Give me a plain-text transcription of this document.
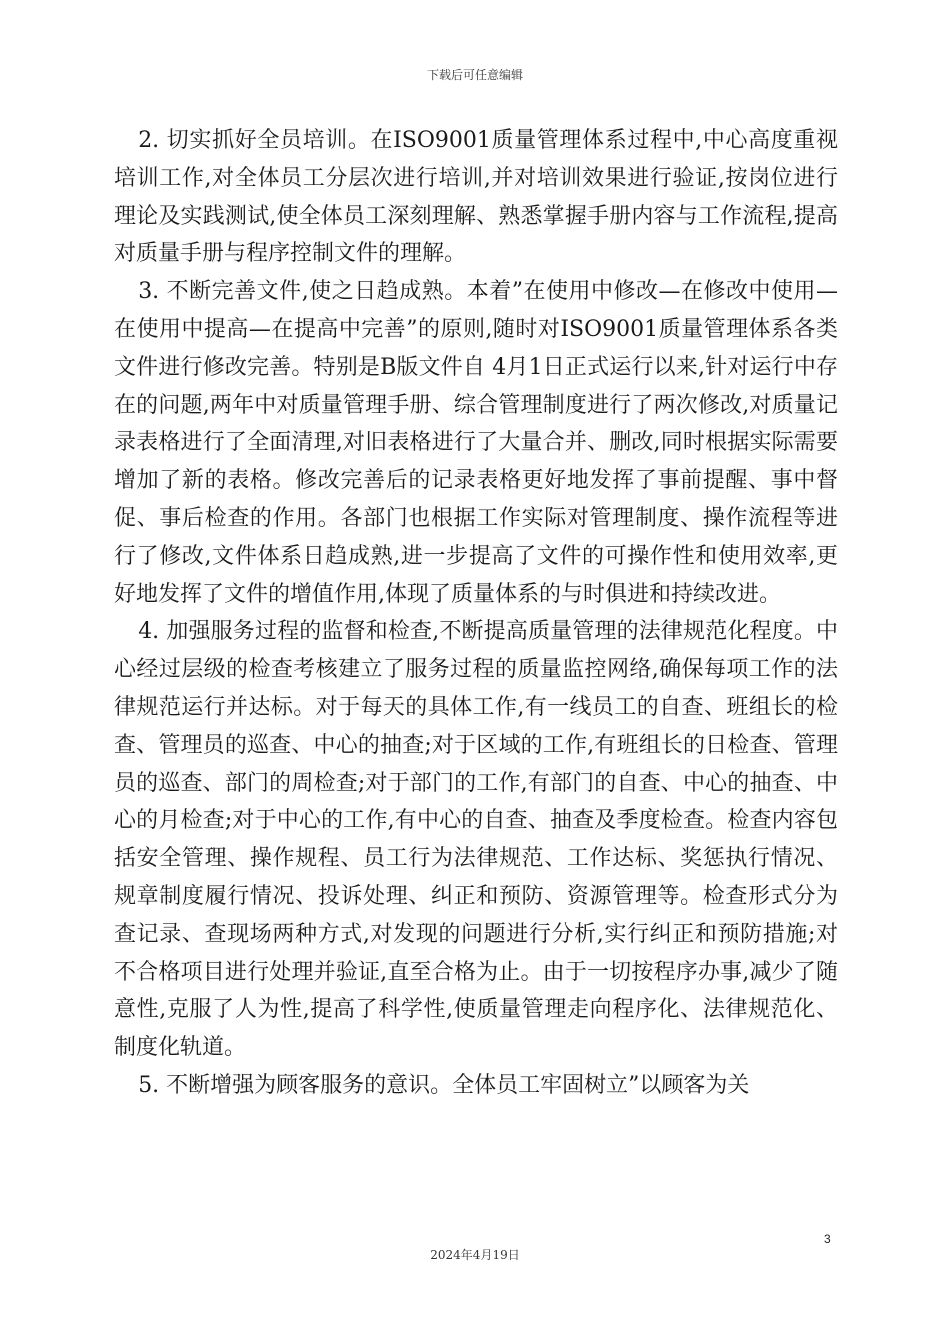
下载后可任意编辑

2. 切实抓好全员培训。在ISO9001质量管理体系过程中,中心高度重视培训工作,对全体员工分层次进行培训,并对培训效果进行验证,按岗位进行理论及实践测试,使全体员工深刻理解、熟悉掌握手册内容与工作流程,提高对质量手册与程序控制文件的理解。

3. 不断完善文件,使之日趋成熟。本着”在使用中修改—在修改中使用—在使用中提高—在提高中完善”的原则,随时对ISO9001质量管理体系各类文件进行修改完善。特别是B版文件自 4月1日正式运行以来,针对运行中存在的问题,两年中对质量管理手册、综合管理制度进行了两次修改,对质量记录表格进行了全面清理,对旧表格进行了大量合并、删改,同时根据实际需要增加了新的表格。修改完善后的记录表格更好地发挥了事前提醒、事中督促、事后检查的作用。各部门也根据工作实际对管理制度、操作流程等进行了修改,文件体系日趋成熟,进一步提高了文件的可操作性和使用效率,更好地发挥了文件的增值作用,体现了质量体系的与时俱进和持续改进。

4. 加强服务过程的监督和检查,不断提高质量管理的法律规范化程度。中心经过层级的检查考核建立了服务过程的质量监控网络,确保每项工作的法律规范运行并达标。对于每天的具体工作,有一线员工的自查、班组长的检查、管理员的巡查、中心的抽查;对于区域的工作,有班组长的日检查、管理员的巡查、部门的周检查;对于部门的工作,有部门的自查、中心的抽查、中心的月检查;对于中心的工作,有中心的自查、抽查及季度检查。检查内容包括安全管理、操作规程、员工行为法律规范、工作达标、奖惩执行情况、规章制度履行情况、投诉处理、纠正和预防、资源管理等。检查形式分为查记录、查现场两种方式,对发现的问题进行分析,实行纠正和预防措施;对不合格项目进行处理并验证,直至合格为止。由于一切按程序办事,减少了随意性,克服了人为性,提高了科学性,使质量管理走向程序化、法律规范化、制度化轨道。

5. 不断增强为顾客服务的意识。全体员工牢固树立”以顾客为关

3
2024年4月19日
